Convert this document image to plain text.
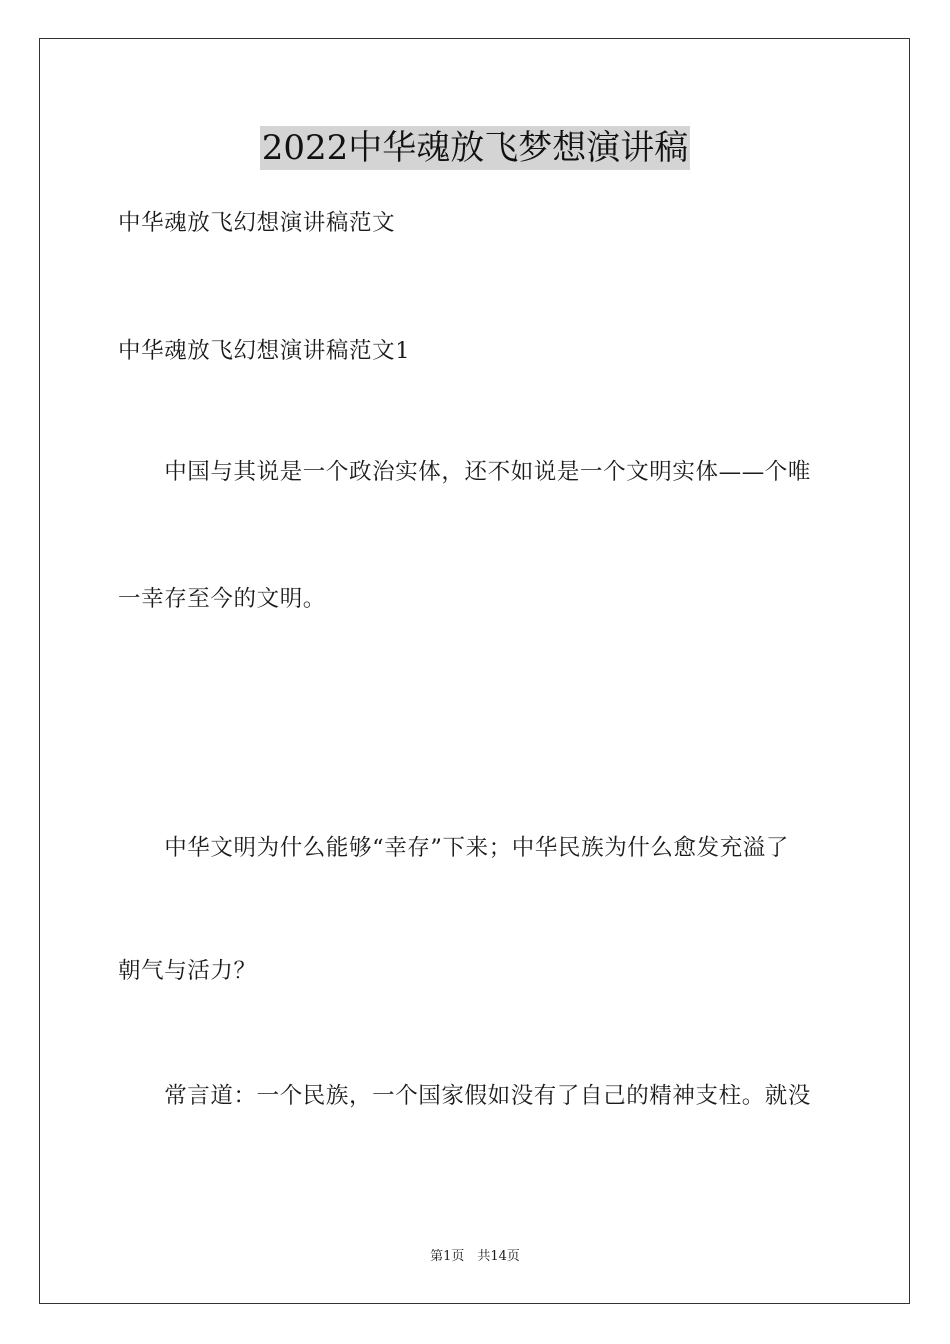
2022中华魂放飞梦想演讲稿
中华魂放飞幻想演讲稿范文
中华魂放飞幻想演讲稿范文1
　　中国与其说是一个政治实体，还不如说是一个文明实体——个唯
一幸存至今的文明。
　　中华文明为什么能够“幸存”下来；中华民族为什么愈发充溢了
朝气与活力？
　　常言道：一个民族，一个国家假如没有了自己的精神支柱。就没
第1页　共14页
